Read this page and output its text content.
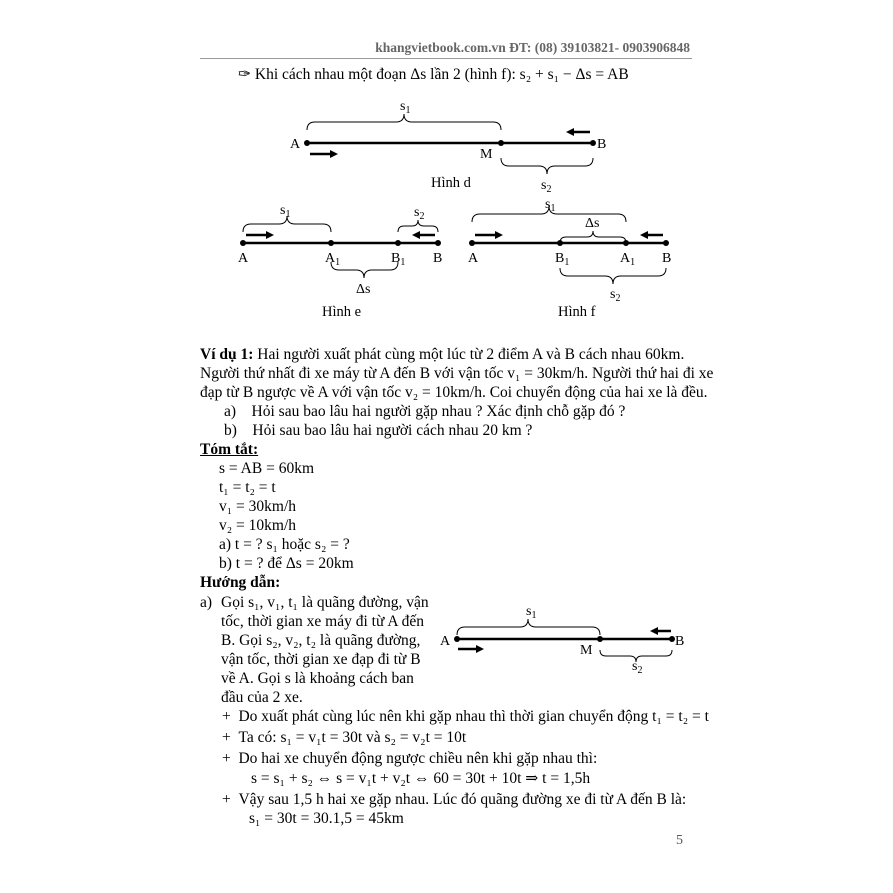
khangvietbook.com.vn ĐT: (08) 39103821- 0903906848
✑ Khi cách nhau một đoạn Δs lần 2 (hình f): s₂ + s₁ − Δs = AB
$s_1$
A
M
B
$s_2$
Hình d
$s_1$	$s_2$
A	$A_1$	$B_1$ B
Δs
Hình e
$s_1$
Δs
A	$B_1$	$A_1$ B
$s_2$
Hình f
Ví dụ 1: Hai người xuất phát cùng một lúc từ 2 điểm A và B cách nhau 60km.
Người thứ nhất đi xe máy từ A đến B với vận tốc v₁ = 30km/h. Người thứ hai đi xe
đạp từ B ngược về A với vận tốc v₂ = 10km/h. Coi chuyển động của hai xe là đều.
a)    Hỏi sau bao lâu hai người gặp nhau ? Xác định chỗ gặp đó ?
b)    Hỏi sau bao lâu hai người cách nhau 20 km ?
Tóm tắt:
s = AB = 60km
t₁ = t₂ = t
v₁ = 30km/h
v₂ = 10km/h
a) t = ? s₁ hoặc s₂ = ?
b) t = ? để Δs = 20km
Hướng dẫn:
a) Gọi s₁, v₁, t₁ là quãng đường, vận
tốc, thời gian xe máy đi từ A đến
B. Gọi s₂, v₂, t₂ là quãng đường,
vận tốc, thời gian xe đạp đi từ B
về A. Gọi s là khoảng cách ban
đầu của 2 xe.
$s_1$
A
M
B
$s_2$
+  Do xuất phát cùng lúc nên khi gặp nhau thì thời gian chuyển động t₁ = t₂ = t
+  Ta có: s₁ = v₁t = 30t và s₂ = v₂t = 10t
+  Do hai xe chuyển động ngược chiều nên khi gặp nhau thì:
s = s₁ + s₂ ⇔ s = v₁t + v₂t ⇔ 60 = 30t + 10t ⇒ t = 1,5h
+  Vậy sau 1,5 h hai xe gặp nhau. Lúc đó quãng đường xe đi từ A đến B là:
s₁ = 30t = 30.1,5 = 45km
5
